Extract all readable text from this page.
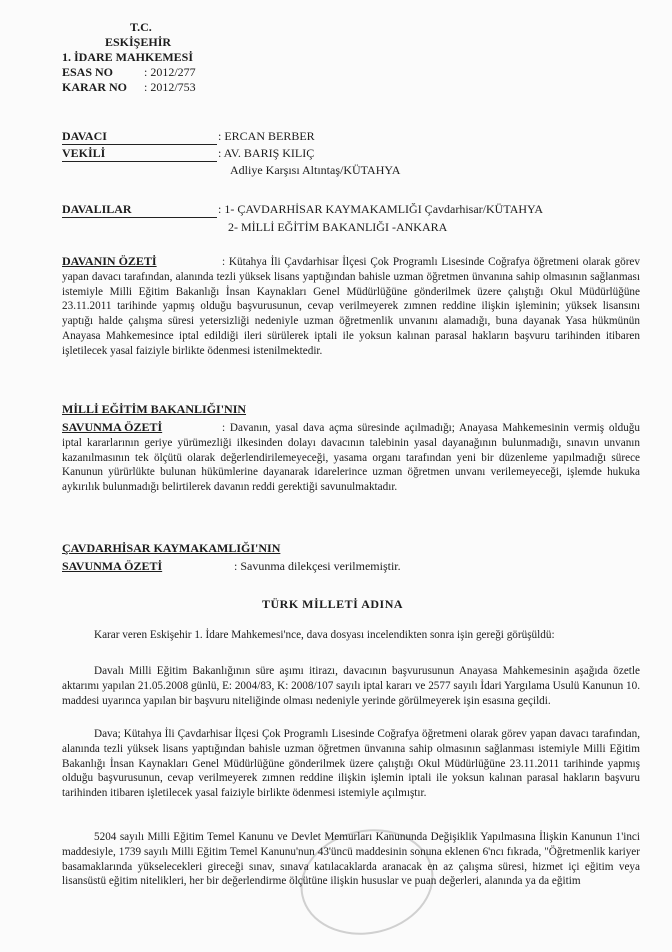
T.C.
ESKİŞEHİR
1. İDARE MAHKEMESİ
ESAS NO	: 2012/277
KARAR NO : 2012/753
DAVACI	: ERCAN BERBER
VEKİLİ	: AV. BARIŞ KILIÇ
Adliye Karşısı Altıntaş/KÜTAHYA
DAVALILAR	: 1- ÇAVDARHİSAR KAYMAKAMLIĞI Çavdarhisar/KÜTAHYA
2- MİLLİ EĞİTİM BAKANLIĞI -ANKARA
DAVANIN ÖZETİ	: Kütahya İli Çavdarhisar İlçesi Çok Programlı Lisesinde Coğrafya öğretmeni olarak görev yapan davacı tarafından, alanında tezli yüksek lisans yaptığından bahisle uzman öğretmen ünvanına sahip olmasının sağlanması istemiyle Milli Eğitim Bakanlığı İnsan Kaynakları Genel Müdürlüğüne gönderilmek üzere çalıştığı Okul Müdürlüğüne 23.11.2011 tarihinde yapmış olduğu başvurusunun, cevap verilmeyerek zımnen reddine ilişkin işleminin; yüksek lisansını yaptığı halde çalışma süresi yetersizliği nedeniyle uzman öğretmenlik unvanını alamadığı, buna dayanak Yasa hükmünün Anayasa Mahkemesince iptal edildiği ileri sürülerek iptali ile yoksun kalınan parasal hakların başvuru tarihinden itibaren işletilecek yasal faiziyle birlikte ödenmesi istenilmektedir.
MİLLİ EĞİTİM BAKANLIĞI'NIN
SAVUNMA ÖZETİ	: Davanın, yasal dava açma süresinde açılmadığı; Anayasa Mahkemesinin vermiş olduğu iptal kararlarının geriye yürümezliği ilkesinden dolayı davacının talebinin yasal dayanağının bulunmadığı, sınavın unvanın kazanılmasının tek ölçütü olarak değerlendirilemeyeceği, yasama organı tarafından yeni bir düzenleme yapılmadığı sürece Kanunun yürürlükte bulunan hükümlerine dayanarak idarelerince uzman öğretmen unvanı verilemeyeceği, işlemde hukuka aykırılık bulunmadığı belirtilerek davanın reddi gerektiği savunulmaktadır.
ÇAVDARHİSAR KAYMAKAMLIĞI'NIN
SAVUNMA ÖZETİ	: Savunma dilekçesi verilmemiştir.
TÜRK MİLLETİ ADINA
Karar veren Eskişehir 1. İdare Mahkemesi'nce, dava dosyası incelendikten sonra işin gereği görüşüldü:
Davalı Milli Eğitim Bakanlığının süre aşımı itirazı, davacının başvurusunun Anayasa Mahkemesinin aşağıda özetle aktarımı yapılan 21.05.2008 günlü, E: 2004/83, K: 2008/107 sayılı iptal kararı ve 2577 sayılı İdari Yargılama Usulü Kanunun 10. maddesi uyarınca yapılan bir başvuru niteliğinde olması nedeniyle yerinde görülmeyerek işin esasına geçildi.
Dava; Kütahya İli Çavdarhisar İlçesi Çok Programlı Lisesinde Coğrafya öğretmeni olarak görev yapan davacı tarafından, alanında tezli yüksek lisans yaptığından bahisle uzman öğretmen ünvanına sahip olmasının sağlanması istemiyle Milli Eğitim Bakanlığı İnsan Kaynakları Genel Müdürlüğüne gönderilmek üzere çalıştığı Okul Müdürlüğüne 23.11.2011 tarihinde yapmış olduğu başvurusunun, cevap verilmeyerek zımnen reddine ilişkin işlemin iptali ile yoksun kalınan parasal hakların başvuru tarihinden itibaren işletilecek yasal faiziyle birlikte ödenmesi istemiyle açılmıştır.
5204 sayılı Milli Eğitim Temel Kanunu ve Devlet Memurları Kanununda Değişiklik Yapılmasına İlişkin Kanunun 1'inci maddesiyle, 1739 sayılı Milli Eğitim Temel Kanunu'nun 43'üncü maddesinin sonuna eklenen 6'ncı fıkrada, "Öğretmenlik kariyer basamaklarında yükselecekleri gireceği sınav, sınava katılacaklarda aranacak en az çalışma süresi, hizmet içi eğitim veya lisansüstü eğitim nitelikleri, her bir değerlendirme ölçütüne ilişkin hususlar ve puan değerleri, alanında ya da eğitim
